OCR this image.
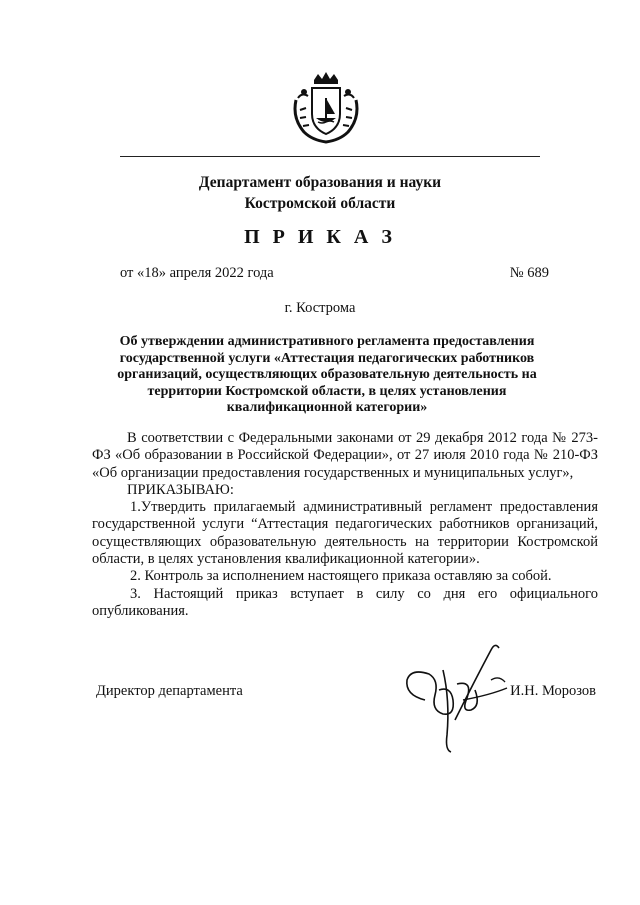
Департамент образования и науки
Костромской области
П Р И К А З
от «18» апреля 2022 года	№ 689
г. Кострома
Об утверждении административного регламента предоставления государственной услуги «Аттестация педагогических работников организаций, осуществляющих образовательную деятельность на территории Костромской области, в целях установления квалификационной категории»

В соответствии с Федеральными законами от 29 декабря 2012 года № 273-ФЗ «Об образовании в Российской Федерации», от 27 июля 2010 года № 210-ФЗ «Об организации предоставления государственных и муниципальных услуг»,

ПРИКАЗЫВАЮ:

1.Утвердить прилагаемый административный регламент предоставления государственной услуги “Аттестация педагогических работников организаций, осуществляющих образовательную деятельность на территории Костромской области, в целях установления квалификационной категории».

2. Контроль за исполнением настоящего приказа оставляю за собой.

3. Настоящий приказ вступает в силу со дня его официального опубликования.

Директор департамента	И.Н. Морозов
